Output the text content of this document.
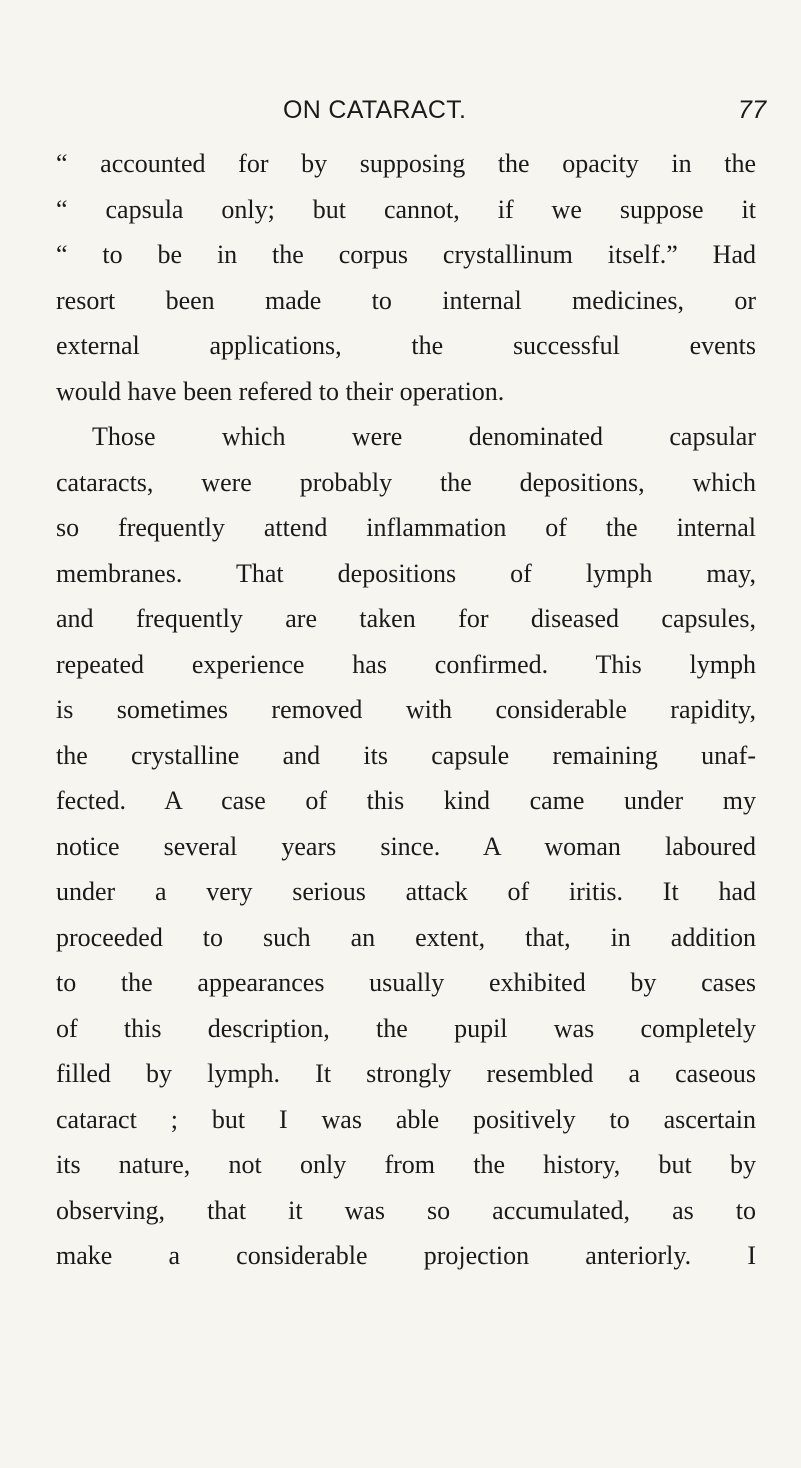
ON CATARACT.	77
“ accounted for by supposing the opacity in the
“ capsula only; but cannot, if we suppose it
“ to be in the corpus crystallinum itself.” Had
resort been made to internal medicines, or
external applications, the successful events
would have been refered to their operation.
Those which were denominated capsular
cataracts, were probably the depositions, which
so frequently attend inflammation of the internal
membranes. That depositions of lymph may,
and frequently are taken for diseased capsules,
repeated experience has confirmed. This lymph
is sometimes removed with considerable rapidity,
the crystalline and its capsule remaining unaf-
fected. A case of this kind came under my
notice several years since. A woman laboured
under a very serious attack of iritis. It had
proceeded to such an extent, that, in addition
to the appearances usually exhibited by cases
of this description, the pupil was completely
filled by lymph. It strongly resembled a caseous
cataract ; but I was able positively to ascertain
its nature, not only from the history, but by
observing, that it was so accumulated, as to
make a considerable projection anteriorly. I
